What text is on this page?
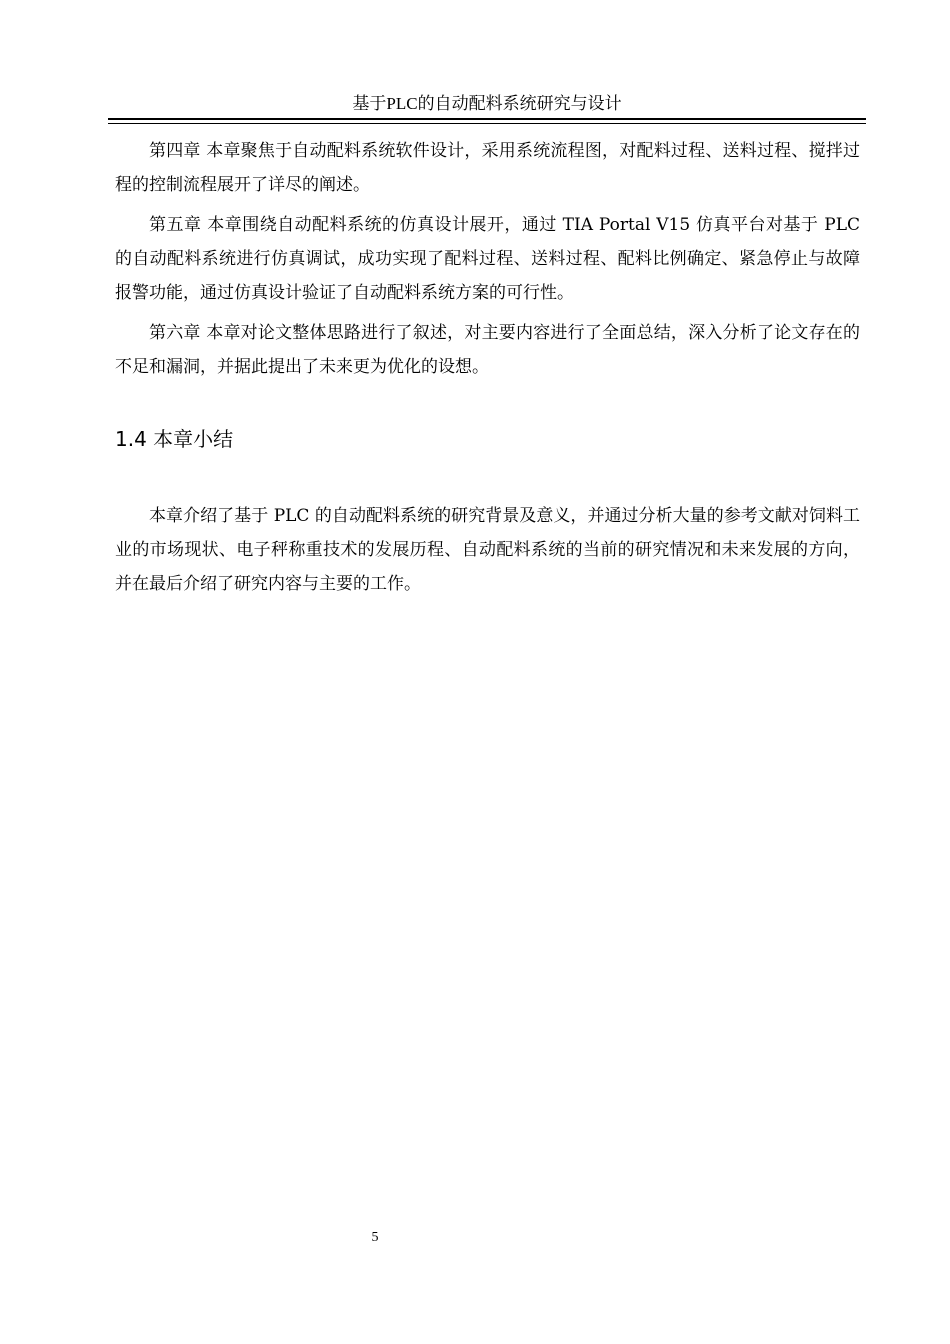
基于PLC的自动配料系统研究与设计

第四章 本章聚焦于自动配料系统软件设计，采用系统流程图，对配料过程、送料过程、搅拌过程的控制流程展开了详尽的阐述。

第五章 本章围绕自动配料系统的仿真设计展开，通过 TIA Portal V15 仿真平台对基于 PLC 的自动配料系统进行仿真调试，成功实现了配料过程、送料过程、配料比例确定、紧急停止与故障报警功能，通过仿真设计验证了自动配料系统方案的可行性。

第六章 本章对论文整体思路进行了叙述，对主要内容进行了全面总结，深入分析了论文存在的不足和漏洞，并据此提出了未来更为优化的设想。

1.4 本章小结

本章介绍了基于 PLC 的自动配料系统的研究背景及意义，并通过分析大量的参考文献对饲料工业的市场现状、电子秤称重技术的发展历程、自动配料系统的当前的研究情况和未来发展的方向，并在最后介绍了研究内容与主要的工作。

5
